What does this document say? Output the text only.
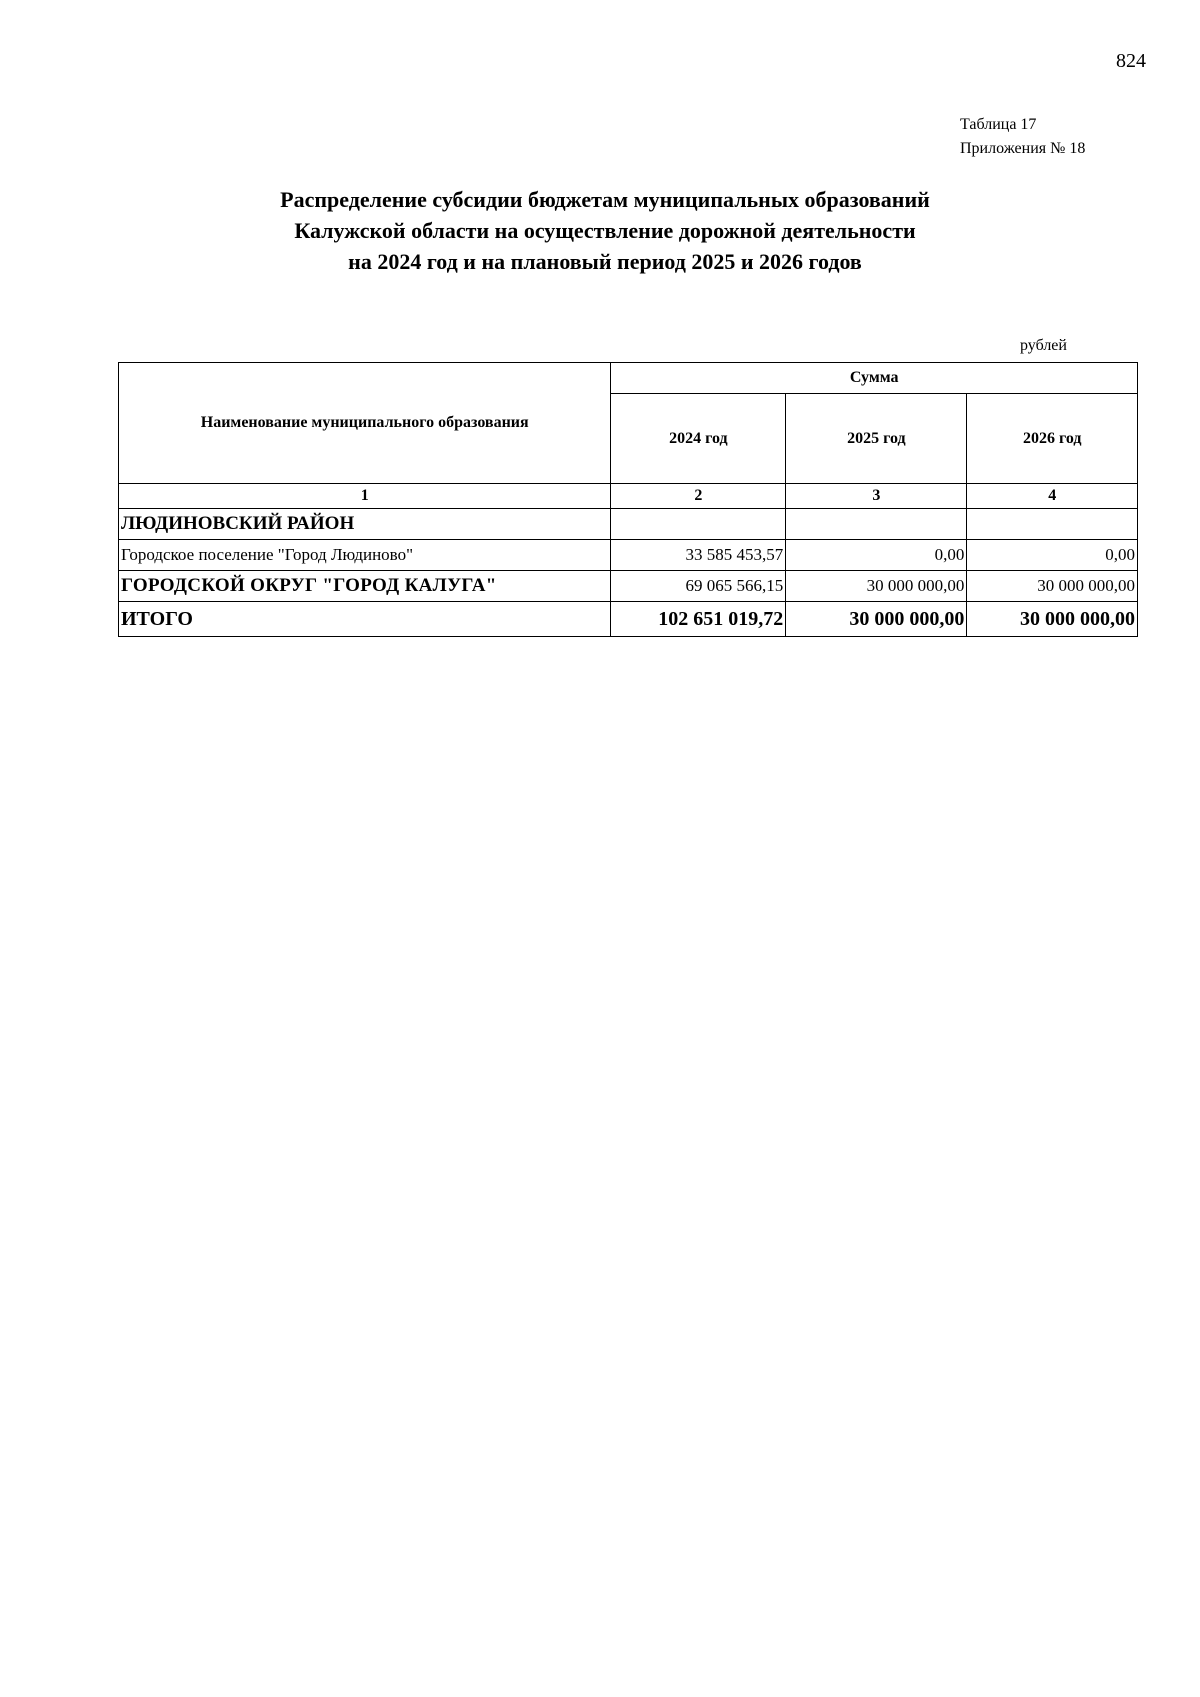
824
Таблица 17
Приложения № 18
Распределение субсидии бюджетам муниципальных образований
Калужской области на осуществление дорожной деятельности
на 2024 год и на плановый период 2025 и 2026 годов
рублей
Наименование муниципального образования	Сумма		
	2024 год	2025 год	2026 год
1	2	3	4
ЛЮДИНОВСКИЙ РАЙОН			
Городское поселение "Город Людиново"	33 585 453,57	0,00	0,00
ГОРОДСКОЙ ОКРУГ "ГОРОД КАЛУГА"	69 065 566,15	30 000 000,00	30 000 000,00
ИТОГО	102 651 019,72	30 000 000,00	30 000 000,00
